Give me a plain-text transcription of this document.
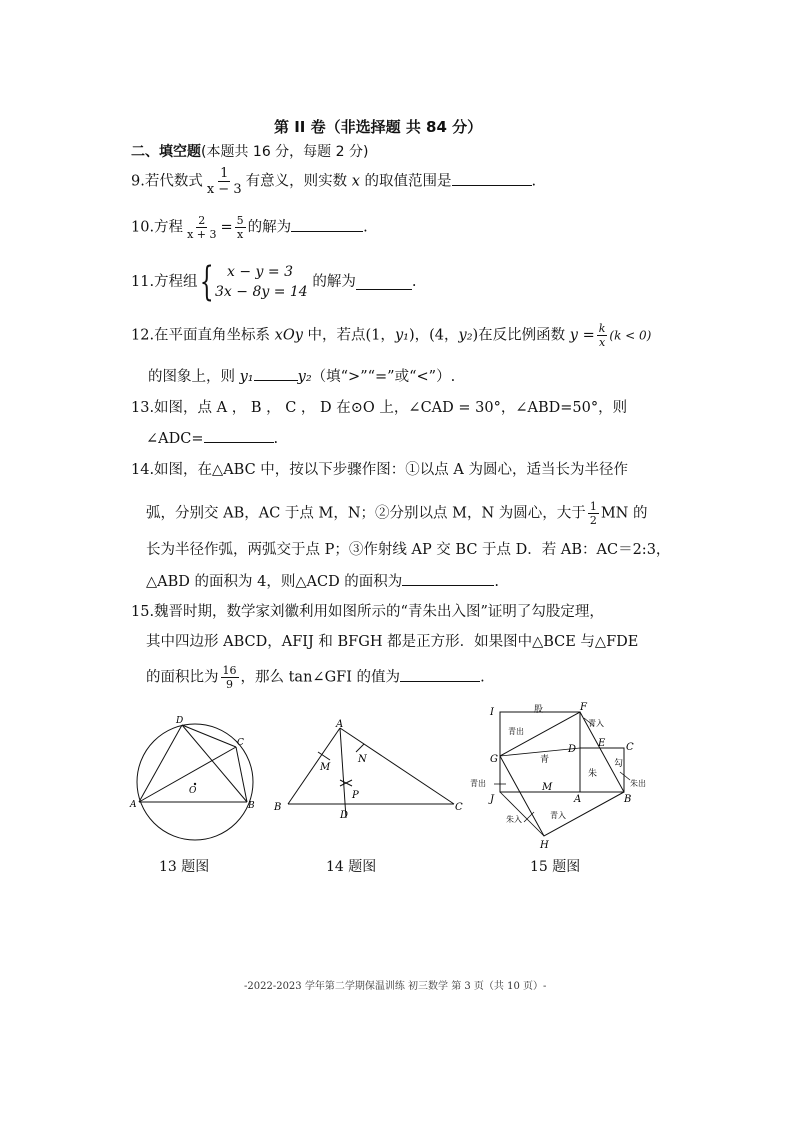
第 II 卷（非选择题 共 84 分）
二、填空题(本题共 16 分，每题 2 分)
9.若代数式 $\frac{1}{x - 3}$ 有意义，则实数 x 的取值范围是	.
10.方程 $\frac{2}{x + 3} = \frac{5}{x}$ 的解为	.
11.方程组{ x − y = 3
3x − 8y = 14
的解为	.
12.在平面直角坐标系 xOy 中，若点(1，y₁)，(4，y₂)在反比例函数 $y = \frac{k}{x} (k < 0)$
的图象上，则 y₁	y₂（填“>”“=”或“<”）.
13.如图，点 A ， B ， C ， D 在⊙O 上，∠CAD = 30°，∠ABD=50°，则
∠ADC=	.
14.如图，在△ABC 中，按以下步骤作图：①以点 A 为圆心，适当长为半径作
弧，分别交 AB，AC 于点 M，N；②分别以点 M，N 为圆心，大于 $\frac{1}{2}$ MN 的
长为半径作弧，两弧交于点 P；③作射线 AP 交 BC 于点 D．若 AB：AC＝2:3，
△ABD 的面积为 4，则△ACD 的面积为	.
15.魏晋时期，数学家刘徽利用如图所示的“青朱出入图”证明了勾股定理，
其中四边形 ABCD，AFIJ 和 BFGH 都是正方形．如果图中△BCE 与△FDE
的面积比为 $\frac{16}{9}$ ，那么 tan∠GFI 的值为	.
D
C
A	B
O
13 题图
A
B	C
M
N
P
D
14 题图
I	F
G
J
D
E C
M
A	B
H
股
勾
青
朱
青出
青入
青出	朱出
朱入	青入
15 题图
-2022-2023 学年第二学期保温训练 初三数学 第 3 页（共 10 页）-
